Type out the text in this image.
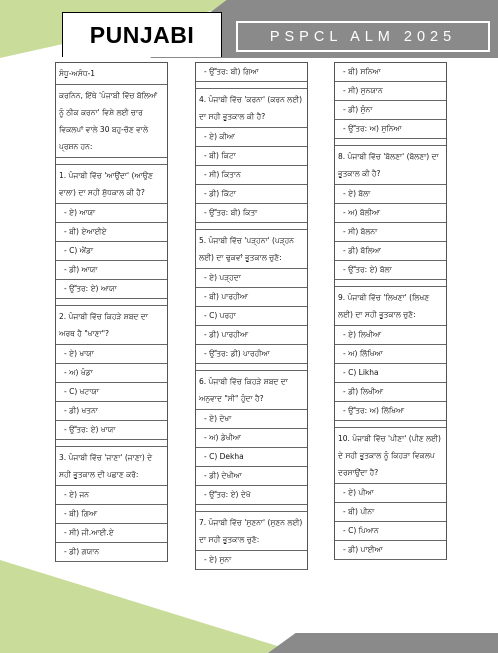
PUNJABI	PSPCL ALM 2025
ਸੰਧੂ-ਅਸੰਧ-1
ਕਰਨਿਨ, ਇੱਥੇ 'ਪੰਜਾਬੀ ਵਿੱਚ ਬੋਲਿਆਂ ਨੂੰ ਠੀਕ ਕਰਨਾ' ਵਿਸ਼ੇ ਲਈ ਚਾਰ ਵਿਕਲਪਾਂ ਵਾਲੇ 30 ਬਹੁ-ਚੋਣ ਵਾਲੇ ਪ੍ਰਸ਼ਨ ਹਨ:
1. ਪੰਜਾਬੀ ਵਿੱਚ 'ਆਉਂਦਾ' (ਆਉਣ ਵਾਲਾ) ਦਾ ਸਹੀ ਸ਼ੁੱਧਕਾਲ ਕੀ ਹੈ?
- ਏ) ਆਯਾ
- ਬੀ) ਏਆਈਏ
- C) ਐਂਡਾ
- ਡੀ) ਆਯਾ
- ਉੱਤਰ: ਏ) ਆਯਾ
2. ਪੰਜਾਬੀ ਵਿੱਚ ਕਿਹੜੇ ਸ਼ਬਦ ਦਾ ਅਰਥ ਹੈ "ਖਾਣਾ"?
- ਏ) ਖਾਯਾ
- ਅ) ਖੰਡਾ
- C) ਖਟਾਯਾ
- ਡੀ) ਖਤਨਾ
- ਉੱਤਰ: ਏ) ਖਾਯਾ
3. ਪੰਜਾਬੀ ਵਿੱਚ 'ਜਾਣਾ' (ਜਾਣਾ) ਦੇ ਸਹੀ ਭੂਤਕਾਲ ਦੀ ਪਛਾਣ ਕਰੋ:
- ਏ) ਜਨ
- ਬੀ) ਗਿਆ
- ਸੀ) ਜੀ.ਆਈ.ਏ
- ਡੀ) ਗਯਾਨ
- ਉੱਤਰ: ਬੀ) ਗਿਆ
4. ਪੰਜਾਬੀ ਵਿੱਚ 'ਕਰਨਾ' (ਕਰਨ ਲਈ) ਦਾ ਸਹੀ ਭੂਤਕਾਲ ਕੀ ਹੈ?
- ਏ) ਕੀਆ
- ਬੀ) ਕਿਟਾ
- ਸੀ) ਕਿਤਾਨ
- ਡੀ) ਕਿੱਟਾ
- ਉੱਤਰ: ਬੀ) ਕਿਤਾ
5. ਪੰਜਾਬੀ ਵਿੱਚ 'ਪੜ੍ਹਨਾ' (ਪੜ੍ਹਨ ਲਈ) ਦਾ ਢੁਕਵਾਂ ਭੂਤਕਾਲ ਚੁਣੋ:
- ਏ) ਪੜ੍ਹਦਾ
- ਬੀ) ਪਾਰਹੀਆ
- C) ਪਰਹਾ
- ਡੀ) ਪਾਰਹੀਆ
- ਉੱਤਰ: ਡੀ) ਪਾਰਹੀਆ
6. ਪੰਜਾਬੀ ਵਿੱਚ ਕਿਹੜੇ ਸ਼ਬਦ ਦਾ ਅਨੁਵਾਦ "ਸੀ" ਹੁੰਦਾ ਹੈ?
- ਏ) ਦੇਖਾ
- ਅ) ਡੇਖੀਆ
- C) Dekha
- ਡੀ) ਦੇਖੀਆ
- ਉੱਤਰ: ਏ) ਦੇਖੋ
7. ਪੰਜਾਬੀ ਵਿੱਚ 'ਸੁਣਨਾ' (ਸੁਣਨ ਲਈ) ਦਾ ਸਹੀ ਭੂਤਕਾਲ ਚੁਣੋ:
- ਏ) ਸੁਨਾ
- ਬੀ) ਸਨਿਆ
- ਸੀ) ਸੁਨਯਾਨ
- ਡੀ) ਸੁੰਨਾ
- ਉੱਤਰ: ਅ) ਸੁਨਿਆ
8. ਪੰਜਾਬੀ ਵਿੱਚ 'ਬੋਲਣਾ' (ਬੋਲਣਾ) ਦਾ ਭੂਤਕਾਲ ਕੀ ਹੈ?
- ਏ) ਬੋਲਾ
- ਅ) ਬੋਲੀਆ
- ਸੀ) ਬੋਲਨਾ
- ਡੀ) ਬੋਲਿਆ
- ਉੱਤਰ: ਏ) ਬੋਲਾ
9. ਪੰਜਾਬੀ ਵਿੱਚ 'ਲਿਖਣਾ' (ਲਿਖਣ ਲਈ) ਦਾ ਸਹੀ ਭੂਤਕਾਲ ਚੁਣੋ:
- ਏ) ਲਿਖੀਆ
- ਅ) ਲਿੱਖਿਆ
- C) Likha
- ਡੀ) ਲਿਖੀਆ
- ਉੱਤਰ: ਅ) ਲਿੱਖਿਆ
10. ਪੰਜਾਬੀ ਵਿੱਚ 'ਪੀਣਾ' (ਪੀਣ ਲਈ) ਦੇ ਸਹੀ ਭੂਤਕਾਲ ਨੂੰ ਕਿਹੜਾ ਵਿਕਲਪ ਦਰਸਾਉਂਦਾ ਹੈ?
- ਏ) ਪੀਆ
- ਬੀ) ਪੀਨਾ
- C) ਪਿਆਨ
- ਡੀ) ਪਾਈਆ
